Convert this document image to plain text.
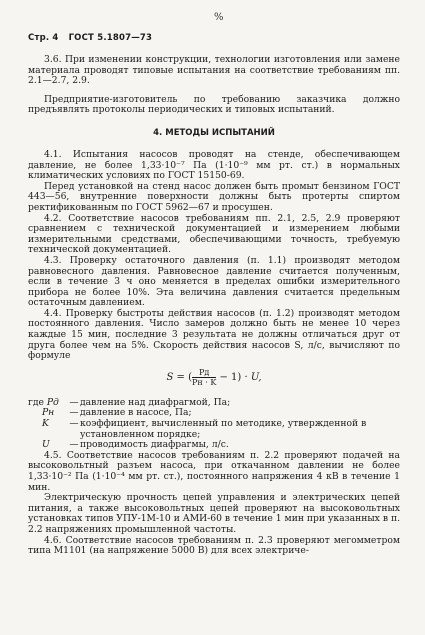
%
Стр. 4 ГОСТ 5.1807—73

3.6. При изменении конструкции, технологии изготовления или замене материала проводят типовые испытания на соответствие требованиям пп. 2.1—2.7, 2.9.

Предприятие-изготовитель по требованию заказчика должно предъявлять протоколы периодических и типовых испытаний.

4. МЕТОДЫ ИСПЫТАНИЙ

4.1. Испытания насосов проводят на стенде, обеспечивающем давление, не более 1,33·10⁻⁷ Па (1·10⁻⁹ мм рт. ст.) в нормальных климатических условиях по ГОСТ 15150-69.

Перед установкой на стенд насос должен быть промыт бензином ГОСТ 443—56, внутренние поверхности должны быть протерты спиртом ректификованным по ГОСТ 5962—67 и просушен.

4.2. Соответствие насосов требованиям пп. 2.1, 2.5, 2.9 проверяют сравнением с технической документацией и измерением любыми измерительными средствами, обеспечивающими точность, требуемую технической документацией.

4.3. Проверку остаточного давления (п. 1.1) производят методом равновесного давления. Равновесное давление считается полученным, если в течение 3 ч оно меняется в пределах ошибки измерительного прибора не более 10%. Эта величина давления считается предельным остаточным давлением.

4.4. Проверку быстроты действия насосов (п. 1.2) производят методом постоянного давления. Число замеров должно быть не менее 10 через каждые 15 мин, последние 3 результата не должны отличаться друг от друга более чем на 5%. Скорость действия насосов S, л/с, вычисляют по формуле

S = ( $\frac{Pд}{Pн \cdot K} - 1) \cdot U$,
где Pд	— давление над диафрагмой, Па;
Pн	— давление в насосе, Па;
K	— коэффициент, вычисленный по методике, утвержденной в установленном порядке;
U	— проводимость диафрагмы, л/с.

4.5. Соответствие насосов требованиям п. 2.2 проверяют подачей на высоковольтный разъем насоса, при откачанном давлении не более 1,33·10⁻² Па (1·10⁻⁴ мм рт. ст.), постоянного напряжения 4 кВ в течение 1 мин.

Электрическую прочность цепей управления и электрических цепей питания, а также высоковольтных цепей проверяют на высоковольтных установках типов УПУ-1М-10 и АМИ-60 в течение 1 мин при указанных в п. 2.2 напряжениях промышленной частоты.

4.6. Соответствие насосов требованиям п. 2.3 проверяют мегомметром типа М1101 (на напряжение 5000 В) для всех электриче-
